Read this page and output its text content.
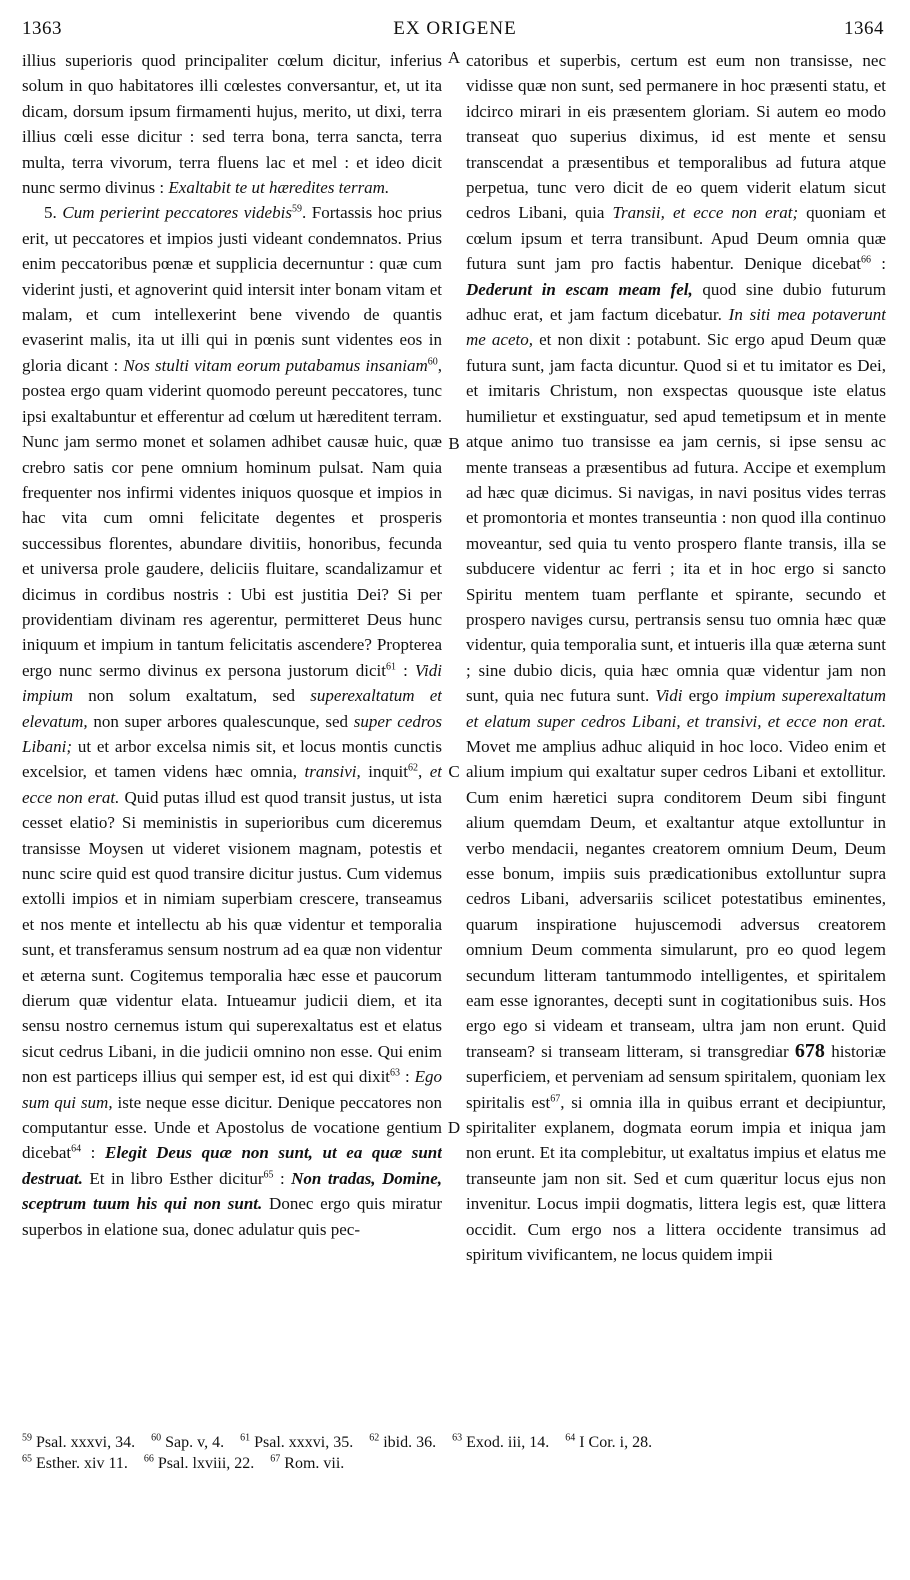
1363	EX ORIGENE	1364
A
B
C
D

illius superioris quod principaliter cœlum dicitur, inferius solum in quo habitatores illi cœlestes conversantur, et, ut ita dicam, dorsum ipsum firmamenti hujus, merito, ut dixi, terra illius cœli esse dicitur : sed terra bona, terra sancta, terra multa, terra vivorum, terra fluens lac et mel : et ideo dicit nunc sermo divinus : Exaltabit te ut hæredites terram.

5. Cum perierint peccatores videbis$^{59}$. Fortassis hoc prius erit, ut peccatores et impios justi videant condemnatos. Prius enim peccatoribus pœnæ et supplicia decernuntur : quæ cum viderint justi, et agnoverint quid intersit inter bonam vitam et malam, et cum intellexerint bene vivendo de quantis evaserint malis, ita ut illi qui in pœnis sunt videntes eos in gloria dicant : Nos stulti vitam eorum putabamus insaniam$^{60}$, postea ergo quam viderint quomodo pereunt peccatores, tunc ipsi exaltabuntur et efferentur ad cœlum ut hæreditent terram. Nunc jam sermo monet et solamen adhibet causæ huic, quæ crebro satis cor pene omnium hominum pulsat. Nam quia frequenter nos infirmi videntes iniquos quosque et impios in hac vita cum omni felicitate degentes et prosperis successibus florentes, abundare divitiis, honoribus, fecunda et universa prole gaudere, deliciis fluitare, scandalizamur et dicimus in cordibus nostris : Ubi est justitia Dei? Si per providentiam divinam res agerentur, permitteret Deus hunc iniquum et impium in tantum felicitatis ascendere? Propterea ergo nunc sermo divinus ex persona justorum dicit$^{61}$ : Vidi impium non solum exaltatum, sed superexaltatum et elevatum, non super arbores qualescunque, sed super cedros Libani; ut et arbor excelsa nimis sit, et locus montis cunctis excelsior, et tamen videns hæc omnia, transivi, inquit$^{62}$, et ecce non erat. Quid putas illud est quod transit justus, ut ista cesset elatio? Si meministis in superioribus cum diceremus transisse Moysen ut videret visionem magnam, potestis et nunc scire quid est quod transire dicitur justus. Cum videmus extolli impios et in nimiam superbiam crescere, transeamus et nos mente et intellectu ab his quæ videntur et temporalia sunt, et transferamus sensum nostrum ad ea quæ non videntur et æterna sunt. Cogitemus temporalia hæc esse et paucorum dierum quæ videntur elata. Intueamur judicii diem, et ita sensu nostro cernemus istum qui superexaltatus est et elatus sicut cedrus Libani, in die judicii omnino non esse. Qui enim non est particeps illius qui semper est, id est qui dixit$^{63}$ : Ego sum qui sum, iste neque esse dicitur. Denique peccatores non computantur esse. Unde et Apostolus de vocatione gentium dicebat$^{64}$ : Elegit Deus quæ non sunt, ut ea quæ sunt destruat. Et in libro Esther dicitur$^{65}$ : Non tradas, Domine, sceptrum tuum his qui non sunt. Donec ergo quis miratur superbos in elatione sua, donec adulatur quis pec-

catoribus et superbis, certum est eum non transisse, nec vidisse quæ non sunt, sed permanere in hoc præsenti statu, et idcirco mirari in eis præsentem gloriam. Si autem eo modo transeat quo superius diximus, id est mente et sensu transcendat a præsentibus et temporalibus ad futura atque perpetua, tunc vero dicit de eo quem viderit elatum sicut cedros Libani, quia Transii, et ecce non erat; quoniam et cœlum ipsum et terra transibunt. Apud Deum omnia quæ futura sunt jam pro factis habentur. Denique dicebat$^{66}$ : Dederunt in escam meam fel, quod sine dubio futurum adhuc erat, et jam factum dicebatur. In siti mea potaverunt me aceto, et non dixit : potabunt. Sic ergo apud Deum quæ futura sunt, jam facta dicuntur. Quod si et tu imitator es Dei, et imitaris Christum, non exspectas quousque iste elatus humilietur et exstinguatur, sed apud temetipsum et in mente atque animo tuo transisse ea jam cernis, si ipse sensu ac mente transeas a præsentibus ad futura. Accipe et exemplum ad hæc quæ dicimus. Si navigas, in navi positus vides terras et promontoria et montes transeuntia : non quod illa continuo moveantur, sed quia tu vento prospero flante transis, illa se subducere videntur ac ferri ; ita et in hoc ergo si sancto Spiritu mentem tuam perflante et spirante, secundo et prospero naviges cursu, pertransis sensu tuo omnia hæc quæ videntur, quia temporalia sunt, et intueris illa quæ æterna sunt ; sine dubio dicis, quia hæc omnia quæ videntur jam non sunt, quia nec futura sunt. Vidi ergo impium superexaltatum et elatum super cedros Libani, et transivi, et ecce non erat. Movet me amplius adhuc aliquid in hoc loco. Video enim et alium impium qui exaltatur super cedros Libani et extollitur. Cum enim hæretici supra conditorem Deum sibi fingunt alium quemdam Deum, et exaltantur atque extolluntur in verbo mendacii, negantes creatorem omnium Deum, Deum esse bonum, impiis suis prædicationibus extolluntur supra cedros Libani, adversariis scilicet potestatibus eminentes, quarum inspiratione hujuscemodi adversus creatorem omnium Deum commenta simularunt, pro eo quod legem secundum litteram tantummodo intelligentes, et spiritalem eam esse ignorantes, decepti sunt in cogitationibus suis. Hos ergo ego si videam et transeam, ultra jam non erunt. Quid transeam? si transeam litteram, si transgrediar 678 historiæ superficiem, et perveniam ad sensum spiritalem, quoniam lex spiritalis est$^{67}$, si omnia illa in quibus errant et decipiuntur, spiritaliter explanem, dogmata eorum impia et iniqua jam non erunt. Et ita complebitur, ut exaltatus impius et elatus me transeunte jam non sit. Sed et cum quæritur locus ejus non invenitur. Locus impii dogmatis, littera legis est, quæ littera occidit. Cum ergo nos a littera occidente transimus ad spiritum vivificantem, ne locus quidem impii

$^{59}$ Psal. xxxvi, 34. $^{60}$ Sap. v, 4. $^{61}$ Psal. xxxvi, 35. $^{62}$ ibid. 36. $^{63}$ Exod. iii, 14. $^{64}$ I Cor. i, 28.
$^{65}$ Esther. xiv 11. $^{66}$ Psal. lxviii, 22. $^{67}$ Rom. vii.
